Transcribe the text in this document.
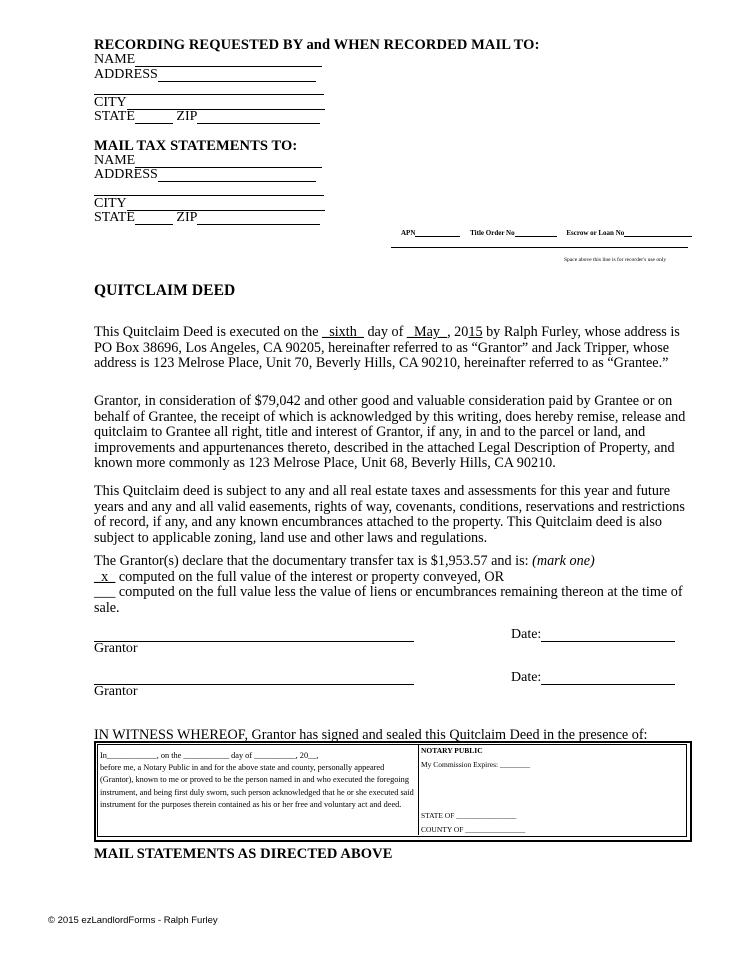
RECORDING REQUESTED BY and WHEN RECORDED MAIL TO:
NAME
ADDRESS
CITY
STATE	ZIP
MAIL TAX STATEMENTS TO:
NAME
ADDRESS
CITY
STATE	ZIP
APN	Title Order No	Escrow or Loan No
Space above this line is for recorder's use only
QUITCLAIM DEED

This Quitclaim Deed is executed on the _sixth_ day of _May_, 2015 by Ralph Furley, whose address is PO Box 38696, Los Angeles, CA 90205, hereinafter referred to as “Grantor” and Jack Tripper, whose address is 123 Melrose Place, Unit 70, Beverly Hills, CA 90210, hereinafter referred to as “Grantee.”

Grantor, in consideration of $79,042 and other good and valuable consideration paid by Grantee or on behalf of Grantee, the receipt of which is acknowledged by this writing, does hereby remise, release and quitclaim to Grantee all right, title and interest of Grantor, if any, in and to the parcel or land, and improvements and appurtenances thereto, described in the attached Legal Description of Property, and known more commonly as 123 Melrose Place, Unit 68, Beverly Hills, CA 90210.

This Quitclaim deed is subject to any and all real estate taxes and assessments for this year and future years and any and all valid easements, rights of way, covenants, conditions, reservations and restrictions of record, if any, and any known encumbrances attached to the property. This Quitclaim deed is also subject to applicable zoning, land use and other laws and regulations.

The Grantor(s) declare that the documentary transfer tax is $1,953.57 and is: (mark one)
_x_ computed on the full value of the interest or property conveyed, OR
___ computed on the full value less the value of liens or encumbrances remaining thereon at the time of sale.

Grantor
Date:
Grantor
Date:
IN WITNESS WHEREOF, Grantor has signed and sealed this Quitclaim Deed in the presence of:
In____________, on the ___________ day of __________, 20__,
before me, a Notary Public in and for the above state and county, personally appeared (Grantor), known to me or proved to be the person named in and who executed the foregoing instrument, and being first duly sworn, such person acknowledged that he or she executed said instrument for the purposes therein contained as his or her free and voluntary act and deed.
NOTARY PUBLIC
My Commission Expires: ________
STATE OF ________________
COUNTY OF ________________
MAIL STATEMENTS AS DIRECTED ABOVE
© 2015 ezLandlordForms - Ralph Furley
